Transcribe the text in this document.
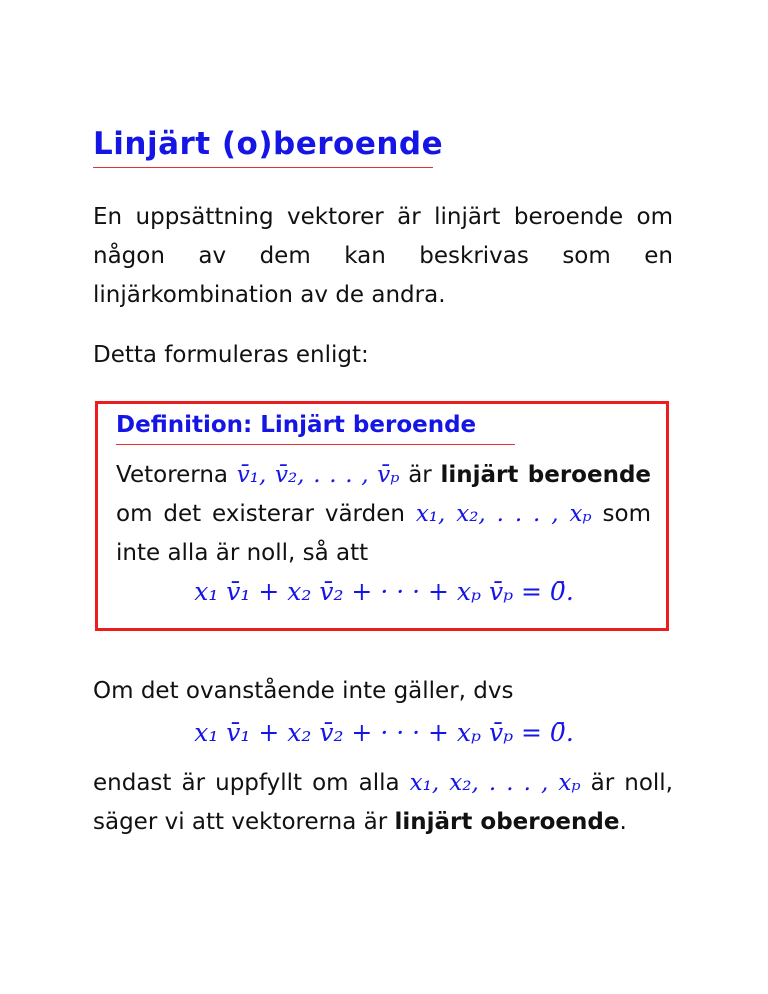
Linjärt (o)beroende

En uppsättning vektorer är linjärt beroende om någon av dem kan beskrivas som en linjärkombination av de andra.

Detta formuleras enligt:

Definition: Linjärt beroende

Vetorerna v̄₁, v̄₂, . . . , v̄ₚ är linjärt beroende om det existerar värden x₁, x₂, . . . , xₚ som inte alla är noll, så att

x₁ v̄₁ + x₂ v̄₂ + · · · + xₚ v̄ₚ = 0̄.

Om det ovanstående inte gäller, dvs

x₁ v̄₁ + x₂ v̄₂ + · · · + xₚ v̄ₚ = 0̄.

endast är uppfyllt om alla x₁, x₂, . . . , xₚ är noll, säger vi att vektorerna är linjärt oberoende.
